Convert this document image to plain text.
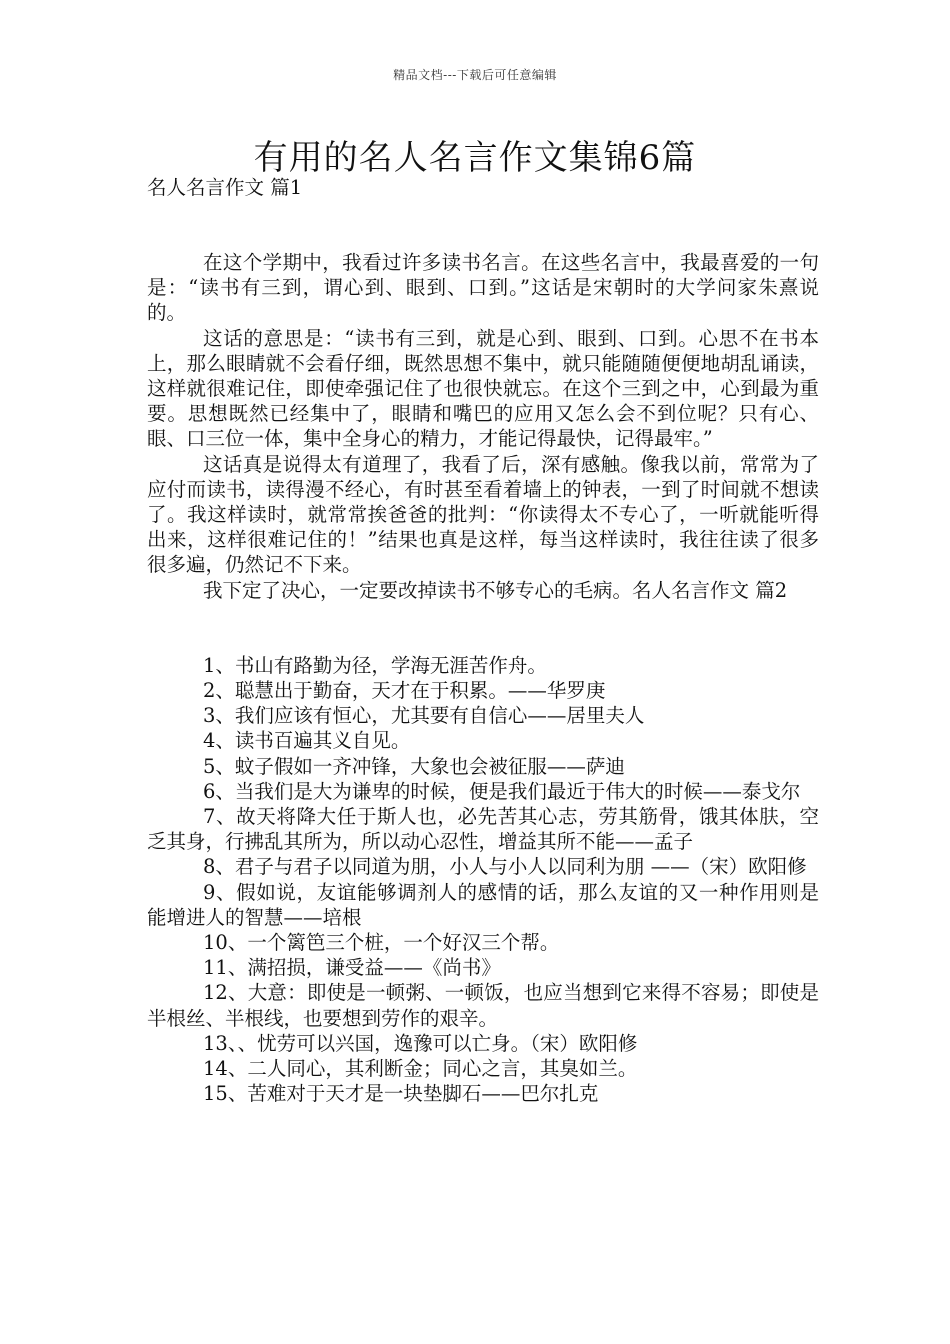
精品文档---下载后可任意编辑
有用的名人名言作文集锦6篇

名人名言作文 篇1

在这个学期中，我看过许多读书名言。在这些名言中，我最喜爱的一句是：“读书有三到，谓心到、眼到、口到。”这话是宋朝时的大学问家朱熹说的。

这话的意思是：“读书有三到，就是心到、眼到、口到。心思不在书本上，那么眼睛就不会看仔细，既然思想不集中，就只能随随便便地胡乱诵读，这样就很难记住，即使牵强记住了也很快就忘。在这个三到之中，心到最为重要。思想既然已经集中了，眼睛和嘴巴的应用又怎么会不到位呢？只有心、眼、口三位一体，集中全身心的精力，才能记得最快，记得最牢。”

这话真是说得太有道理了，我看了后，深有感触。像我以前，常常为了应付而读书，读得漫不经心，有时甚至看着墙上的钟表，一到了时间就不想读了。我这样读时，就常常挨爸爸的批判：“你读得太不专心了，一听就能听得出来，这样很难记住的！”结果也真是这样，每当这样读时，我往往读了很多很多遍，仍然记不下来。

我下定了决心，一定要改掉读书不够专心的毛病。名人名言作文 篇2

1、书山有路勤为径，学海无涯苦作舟。

2、聪慧出于勤奋，天才在于积累。——华罗庚

3、我们应该有恒心，尤其要有自信心——居里夫人

4、读书百遍其义自见。

5、蚊子假如一齐冲锋，大象也会被征服——萨迪

6、当我们是大为谦卑的时候，便是我们最近于伟大的时候——泰戈尔

7、故天将降大任于斯人也，必先苦其心志，劳其筋骨，饿其体肤，空乏其身，行拂乱其所为，所以动心忍性，增益其所不能——孟子

8、君子与君子以同道为朋，小人与小人以同利为朋 ——（宋）欧阳修

9、假如说，友谊能够调剂人的感情的话，那么友谊的又一种作用则是能增进人的智慧——培根

10、一个篱笆三个桩，一个好汉三个帮。

11、满招损，谦受益——《尚书》

12、大意：即使是一顿粥、一顿饭，也应当想到它来得不容易；即使是半根丝、半根线，也要想到劳作的艰辛。

13、、忧劳可以兴国，逸豫可以亡身。（宋）欧阳修

14、二人同心，其利断金；同心之言，其臭如兰。

15、苦难对于天才是一块垫脚石——巴尔扎克
